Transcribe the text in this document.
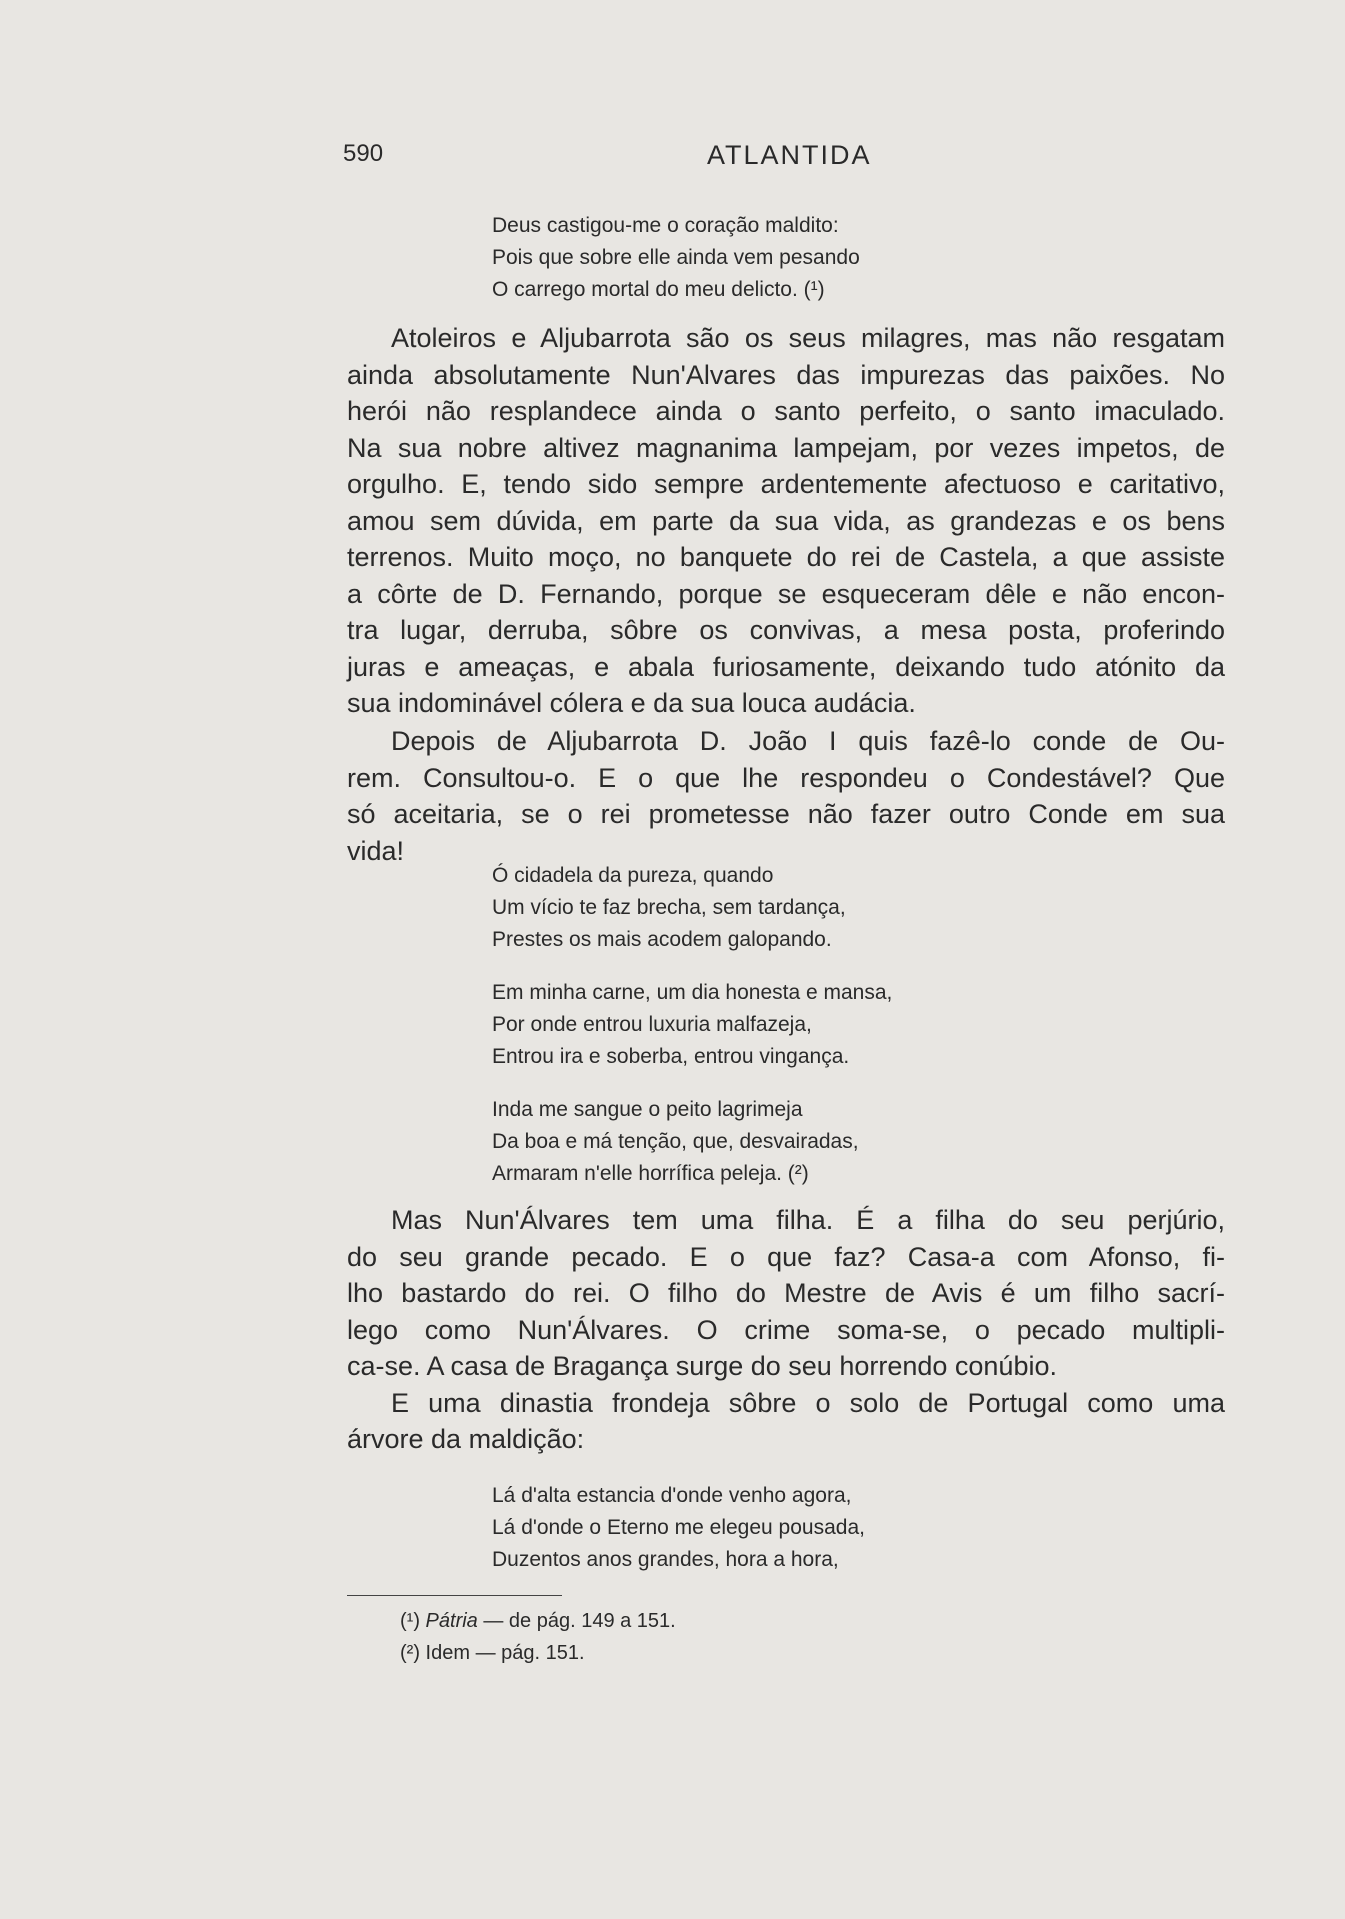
590	ATLANTIDA
Deus castigou-me o coração maldito:
Pois que sobre elle ainda vem pesando
O carrego mortal do meu delicto. (¹)
Atoleiros e Aljubarrota são os seus milagres, mas não resgatam
ainda absolutamente Nun'Alvares das impurezas das paixões. No
herói não resplandece ainda o santo perfeito, o santo imaculado.
Na sua nobre altivez magnanima lampejam, por vezes impetos, de
orgulho. E, tendo sido sempre ardentemente afectuoso e caritativo,
amou sem dúvida, em parte da sua vida, as grandezas e os bens
terrenos. Muito moço, no banquete do rei de Castela, a que assiste
a côrte de D. Fernando, porque se esqueceram dêle e não encon-
tra lugar, derruba, sôbre os convivas, a mesa posta, proferindo
juras e ameaças, e abala furiosamente, deixando tudo atónito da
sua indominável cólera e da sua louca audácia.
Depois de Aljubarrota D. João I quis fazê-lo conde de Ou-
rem. Consultou-o. E o que lhe respondeu o Condestável? Que
só aceitaria, se o rei prometesse não fazer outro Conde em sua
vida!
Ó cidadela da pureza, quando
Um vício te faz brecha, sem tardança,
Prestes os mais acodem galopando.
Em minha carne, um dia honesta e mansa,
Por onde entrou luxuria malfazeja,
Entrou ira e soberba, entrou vingança.
Inda me sangue o peito lagrimeja
Da boa e má tenção, que, desvairadas,
Armaram n'elle horrífica peleja. (²)
Mas Nun'Álvares tem uma filha. É a filha do seu perjúrio,
do seu grande pecado. E o que faz? Casa-a com Afonso, fi-
lho bastardo do rei. O filho do Mestre de Avis é um filho sacrí-
lego como Nun'Álvares. O crime soma-se, o pecado multipli-
ca-se. A casa de Bragança surge do seu horrendo conúbio.
E uma dinastia frondeja sôbre o solo de Portugal como uma
árvore da maldição:
Lá d'alta estancia d'onde venho agora,
Lá d'onde o Eterno me elegeu pousada,
Duzentos anos grandes, hora a hora,
(¹) Pátria — de pág. 149 a 151.
(²) Idem — pág. 151.
